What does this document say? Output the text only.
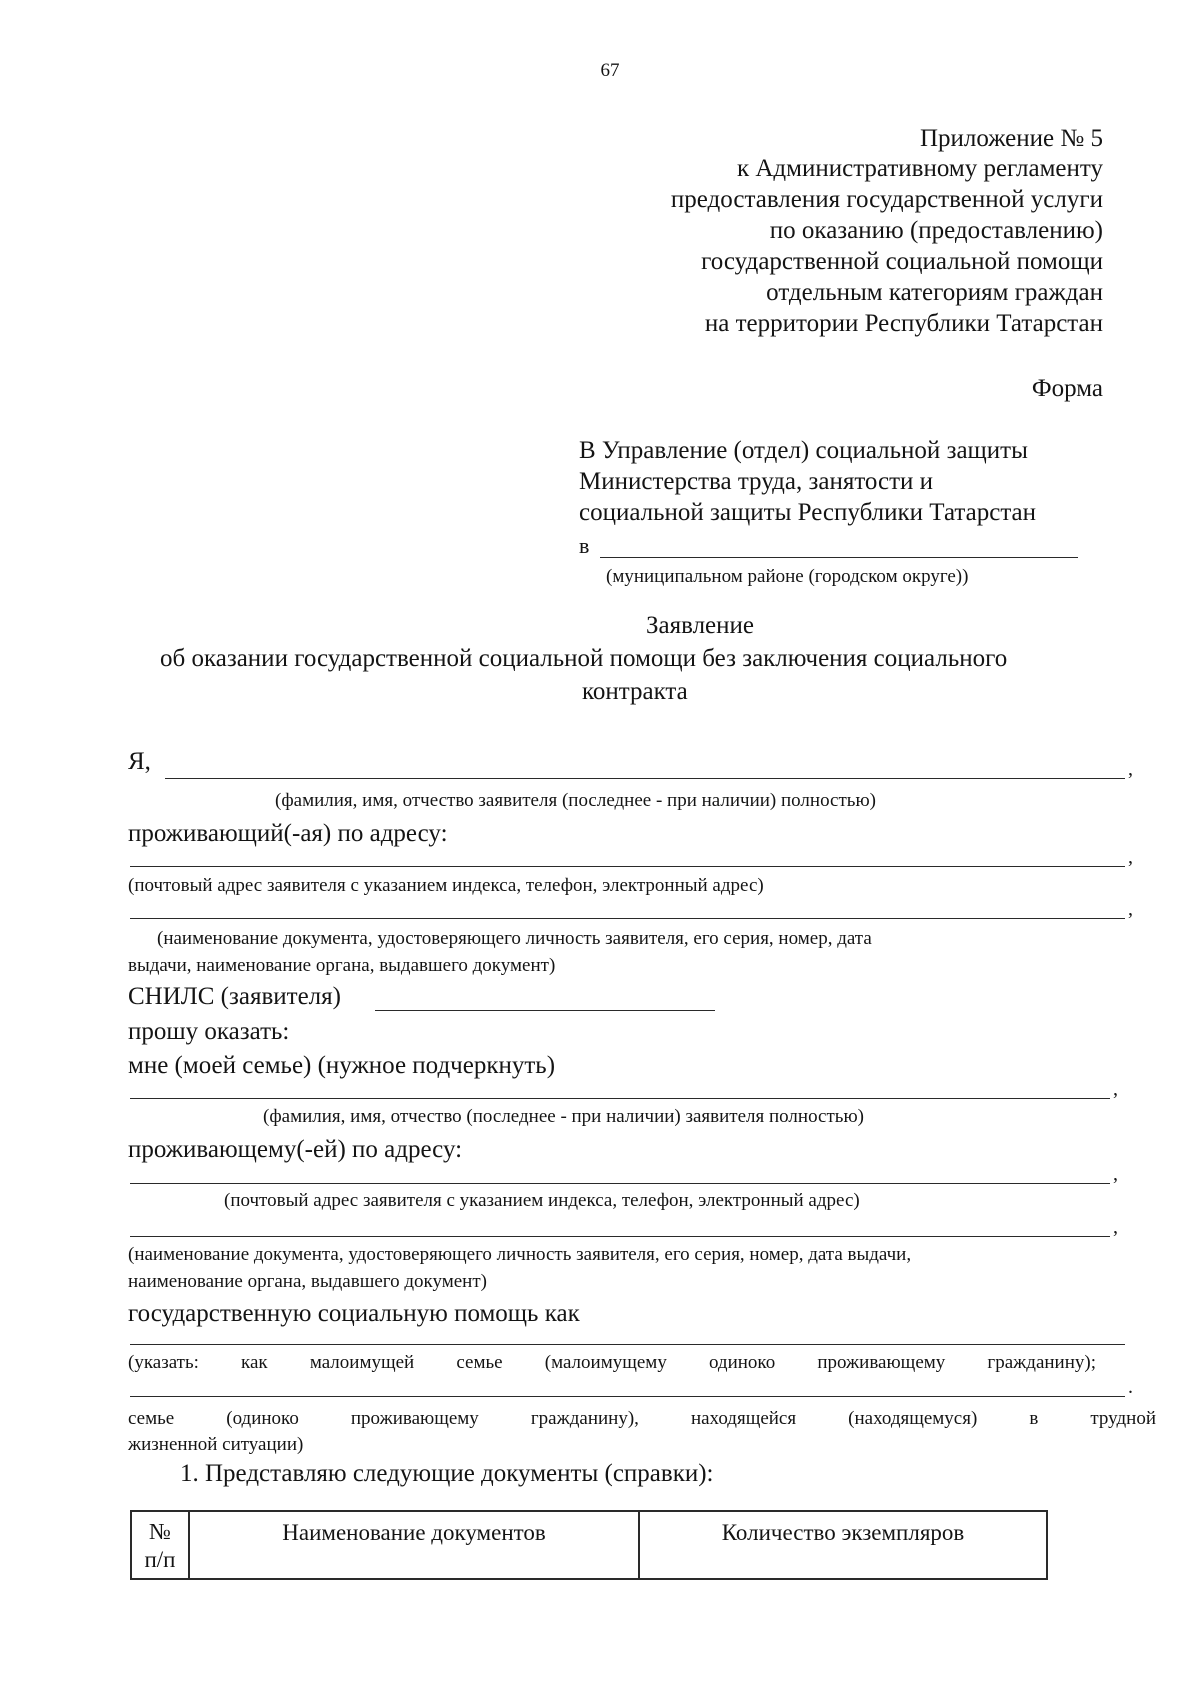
67
Приложение № 5
к Административному регламенту
предоставления государственной услуги
по оказанию (предоставлению)
государственной социальной помощи
отдельным категориям граждан
на территории Республики Татарстан
Форма
В Управление (отдел) социальной защиты
Министерства труда, занятости и
социальной защиты Республики Татарстан
в
(муниципальном районе (городском округе))
Заявление
об оказании государственной социальной помощи без заключения социального
контракта
Я,	,
(фамилия, имя, отчество заявителя (последнее - при наличии) полностью)
проживающий(-ая) по адресу:
,
(почтовый адрес заявителя с указанием индекса, телефон, электронный адрес)
,
(наименование документа, удостоверяющего личность заявителя, его серия, номер, дата
выдачи, наименование органа, выдавшего документ)
СНИЛС (заявителя)
прошу оказать:
мне (моей семье) (нужное подчеркнуть)
,
(фамилия, имя, отчество (последнее - при наличии) заявителя полностью)
проживающему(-ей) по адресу:
,
(почтовый адрес заявителя с указанием индекса, телефон, электронный адрес)
,
(наименование документа, удостоверяющего личность заявителя, его серия, номер, дата выдачи,
наименование органа, выдавшего документ)
государственную социальную помощь как
(указать: как малоимущей семье (малоимущему одиноко проживающему гражданину);
.
семье (одиноко проживающему гражданину), находящейся (находящемуся) в трудной
жизненной ситуации)
1. Представляю следующие документы (справки):
№
п/п	Наименование документов	Количество экземпляров
